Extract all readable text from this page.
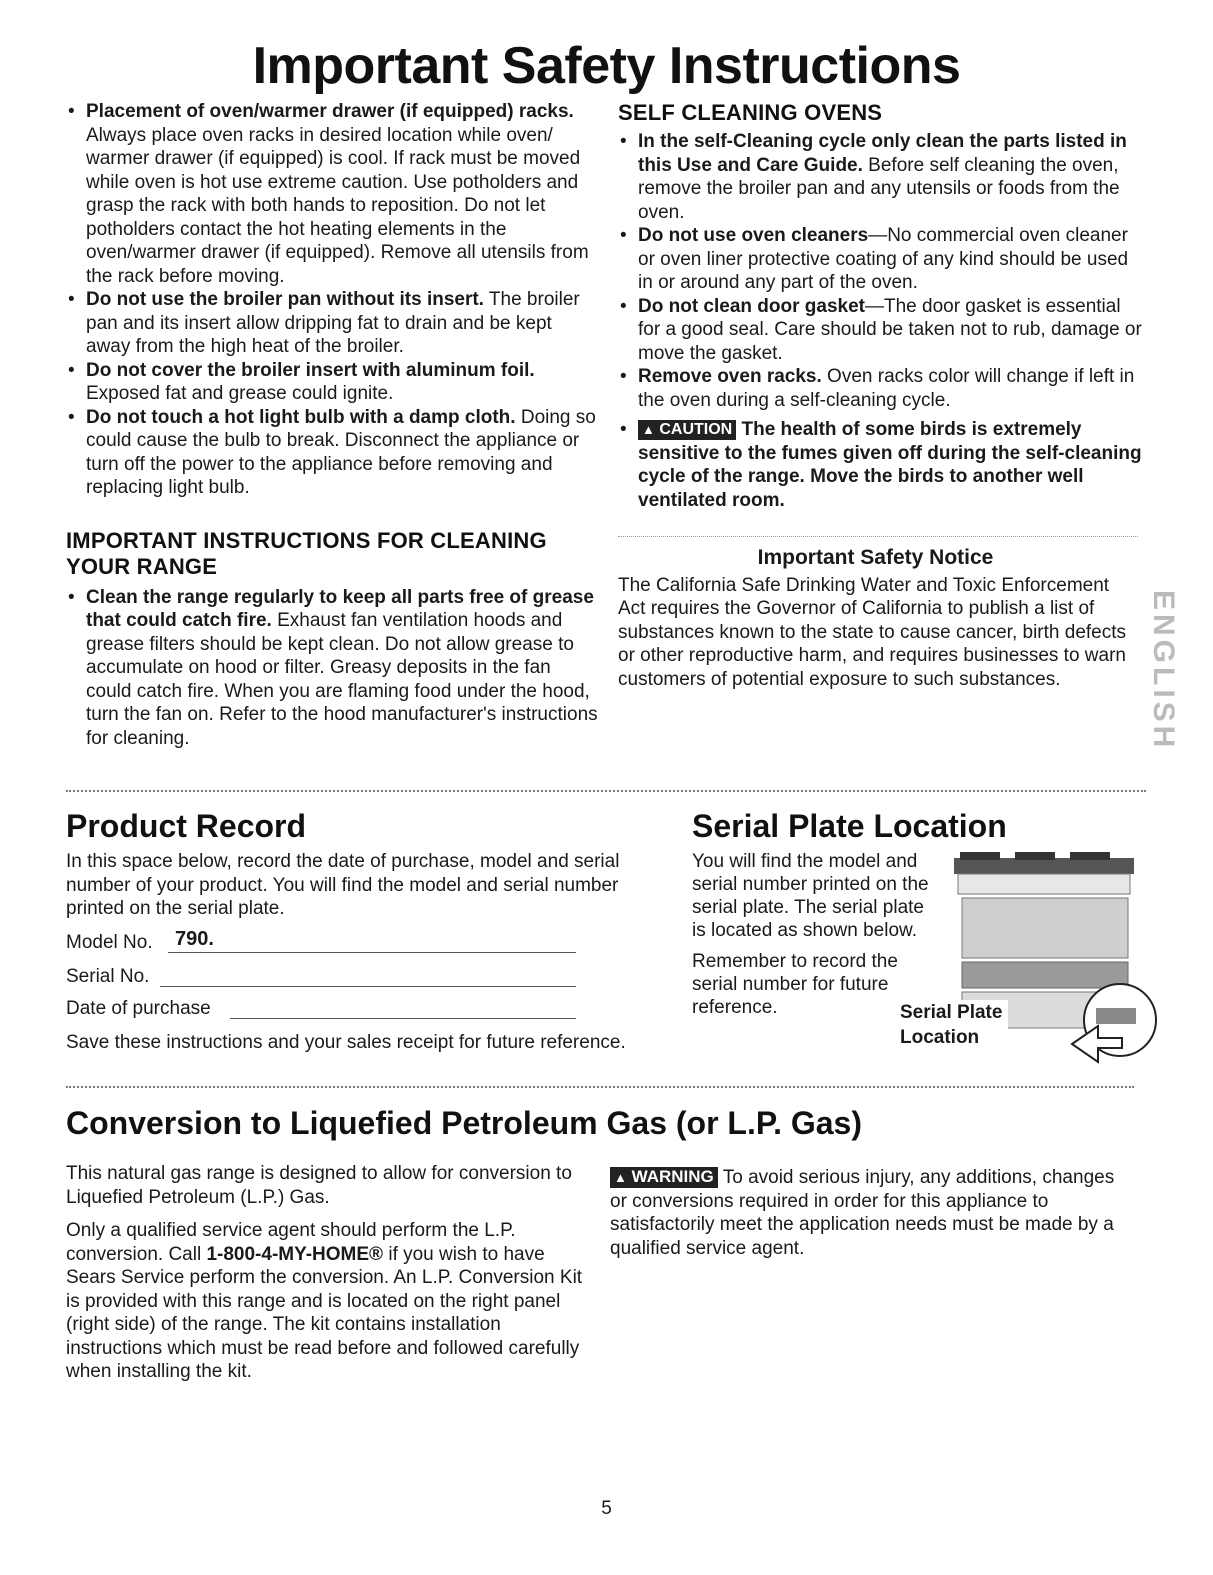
Important Safety Instructions
• Placement of oven/warmer drawer (if equipped) racks. Always place oven racks in desired location while oven/ warmer drawer (if equipped) is cool. If rack must be moved while oven is hot use extreme caution. Use potholders and grasp the rack with both hands to reposition. Do not let potholders contact the hot heating elements in the oven/warmer drawer (if equipped). Remove all utensils from the rack before moving.
• Do not use the broiler pan without its insert. The broiler pan and its insert allow dripping fat to drain and be kept away from the high heat of the broiler.
• Do not cover the broiler insert with aluminum foil. Exposed fat and grease could ignite.
• Do not touch a hot light bulb with a damp cloth. Doing so could cause the bulb to break. Disconnect the appliance or turn off the power to the appliance before removing and replacing light bulb.
IMPORTANT INSTRUCTIONS FOR CLEANING YOUR RANGE
• Clean the range regularly to keep all parts free of grease that could catch fire. Exhaust fan ventilation hoods and grease filters should be kept clean. Do not allow grease to accumulate on hood or filter. Greasy deposits in the fan could catch fire. When you are flaming food under the hood, turn the fan on. Refer to the hood manufacturer's instructions for cleaning.
SELF CLEANING OVENS
• In the self-Cleaning cycle only clean the parts listed in this Use and Care Guide. Before self cleaning the oven, remove the broiler pan and any utensils or foods from the oven.
• Do not use oven cleaners—No commercial oven cleaner or oven liner protective coating of any kind should be used in or around any part of the oven.
• Do not clean door gasket—The door gasket is essential for a good seal. Care should be taken not to rub, damage or move the gasket.
• Remove oven racks. Oven racks color will change if left in the oven during a self-cleaning cycle.
• ▲ CAUTION The health of some birds is extremely sensitive to the fumes given off during the self-cleaning cycle of the range. Move the birds to another well ventilated room.
Important Safety Notice

The California Safe Drinking Water and Toxic Enforcement Act requires the Governor of California to publish a list of substances known to the state to cause cancer, birth defects or other reproductive harm, and requires businesses to warn customers of potential exposure to such substances.	ENGLISH
Product Record

In this space below, record the date of purchase, model and serial number of your product. You will find the model and serial number printed on the serial plate.

Model No. 790.
Serial No.
Date of purchase
Save these instructions and your sales receipt for future reference.
Serial Plate Location

You will find the model and serial number printed on the serial plate. The serial plate is located as shown below.

Remember to record the serial number for future reference.	Serial Plate
Location
Conversion to Liquefied Petroleum Gas (or L.P. Gas)

This natural gas range is designed to allow for conversion to Liquefied Petroleum (L.P.) Gas.

Only a qualified service agent should perform the L.P. conversion. Call 1-800-4-MY-HOME® if you wish to have Sears Service perform the conversion. An L.P. Conversion Kit is provided with this range and is located on the right panel (right side) of the range. The kit contains installation instructions which must be read before and followed carefully when installing the kit.

▲ WARNING To avoid serious injury, any additions, changes or conversions required in order for this appliance to satisfactorily meet the application needs must be made by a qualified service agent.
5
